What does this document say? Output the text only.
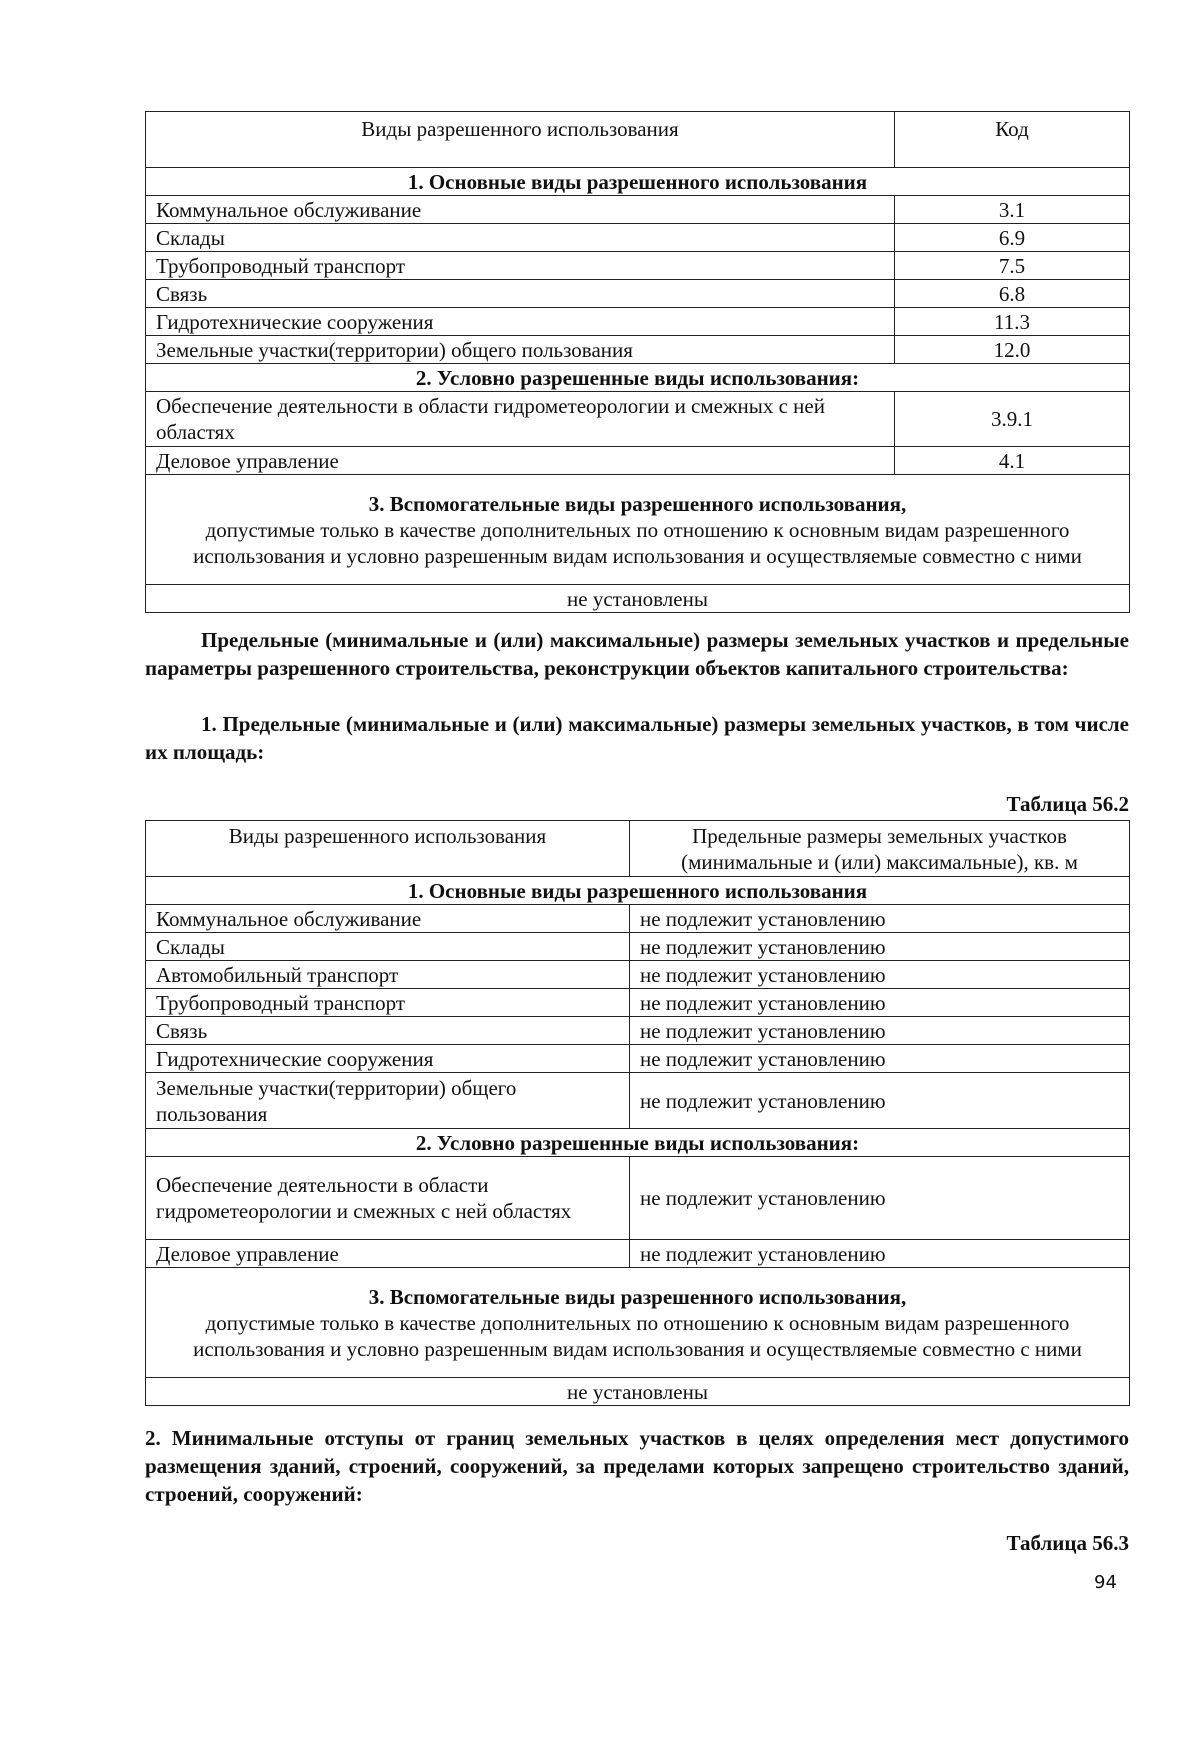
Виды разрешенного использования	Код
1. Основные виды разрешенного использования	
Коммунальное обслуживание	3.1
Склады	6.9
Трубопроводный транспорт	7.5
Связь	6.8
Гидротехнические сооружения	11.3
Земельные участки(территории) общего пользования	12.0
2. Условно разрешенные виды использования:	
Обеспечение деятельности в области гидрометеорологии и смежных с ней областях	3.9.1
Деловое управление	4.1
3. Вспомогательные виды разрешенного использования,
допустимые только в качестве дополнительных по отношению к основным видам разрешенного использования и условно разрешенным видам использования и осуществляемые совместно с ними	

не установлены	

Предельные (минимальные и (или) максимальные) размеры земельных участков и предельные параметры разрешенного строительства, реконструкции объектов капитального строительства:

1. Предельные (минимальные и (или) максимальные) размеры земельных участков, в том числе их площадь:

Таблица 56.2
Виды разрешенного использования	Предельные размеры земельных участков (минимальные и (или) максимальные), кв. м
1. Основные виды разрешенного использования	
Коммунальное обслуживание	не подлежит установлению
Склады	не подлежит установлению
Автомобильный транспорт	не подлежит установлению
Трубопроводный транспорт	не подлежит установлению
Связь	не подлежит установлению
Гидротехнические сооружения	не подлежит установлению
Земельные участки(территории) общего пользования	не подлежит установлению
2. Условно разрешенные виды использования:	
Обеспечение деятельности в области гидрометеорологии и смежных с ней областях	не подлежит установлению
Деловое управление	не подлежит установлению
3. Вспомогательные виды разрешенного использования,
допустимые только в качестве дополнительных по отношению к основным видам разрешенного использования и условно разрешенным видам использования и осуществляемые совместно с ними	

не установлены	

2. Минимальные отступы от границ земельных участков в целях определения мест допустимого размещения зданий, строений, сооружений, за пределами которых запрещено строительство зданий, строений, сооружений:

Таблица 56.3
94
